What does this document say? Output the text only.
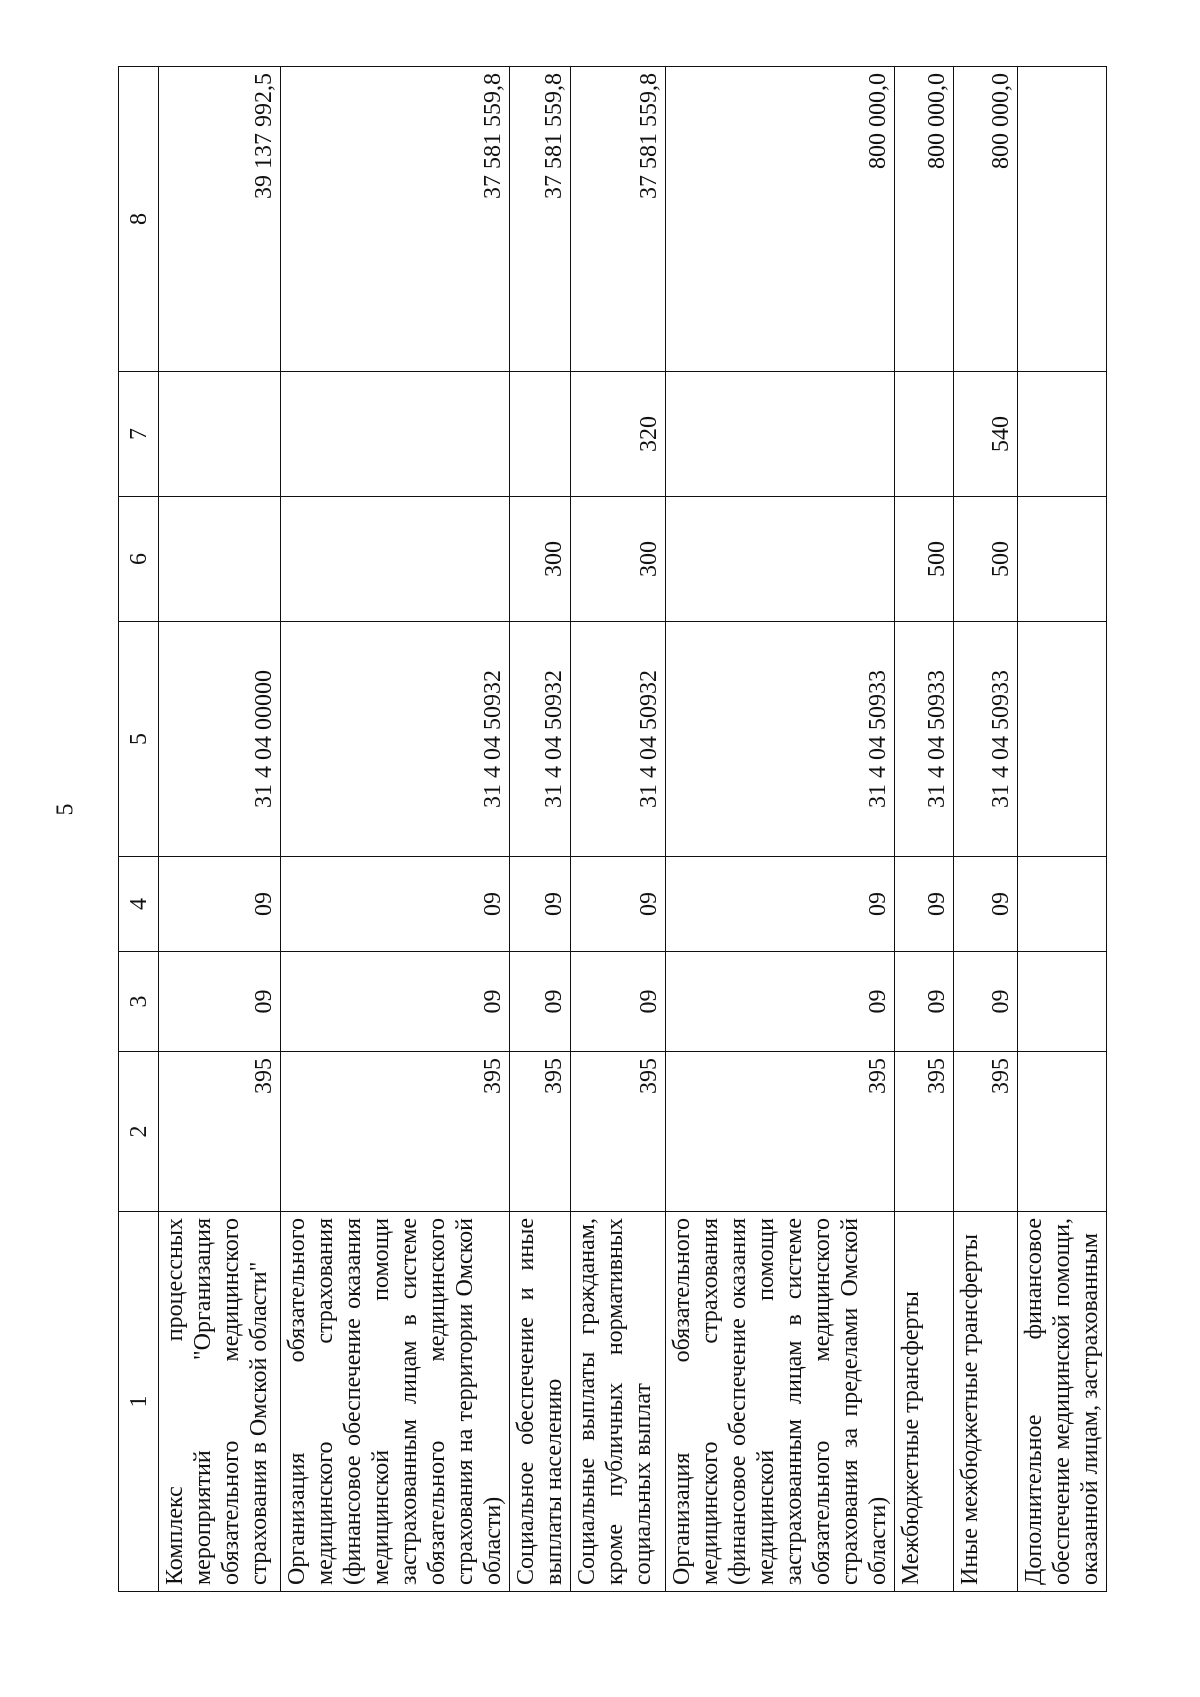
5
1	2	3	4	5	6	7	8
Комплекс процессных мероприятий "Организация обязательного медицинского страхования в Омской области"	395	09	09	31 4 04 00000			39 137 992,5
Организация обязательного медицинского страхования (финансовое обеспечение оказания медицинской помощи застрахованным лицам в системе обязательного медицинского страхования на территории Омской области)	395	09	09	31 4 04 50932			37 581 559,8
Социальное обеспечение и иные выплаты населению	395	09	09	31 4 04 50932	300		37 581 559,8
Социальные выплаты гражданам, кроме публичных нормативных социальных выплат	395	09	09	31 4 04 50932	300	320	37 581 559,8
Организация обязательного медицинского страхования (финансовое обеспечение оказания медицинской помощи застрахованным лицам в системе обязательного медицинского страхования за пределами Омской области)	395	09	09	31 4 04 50933			800 000,0
Межбюджетные трансферты	395	09	09	31 4 04 50933	500		800 000,0
Иные межбюджетные трансферты	395	09	09	31 4 04 50933	500	540	800 000,0
Дополнительное финансовое обеспечение медицинской помощи, оказанной лицам, застрахованным							
